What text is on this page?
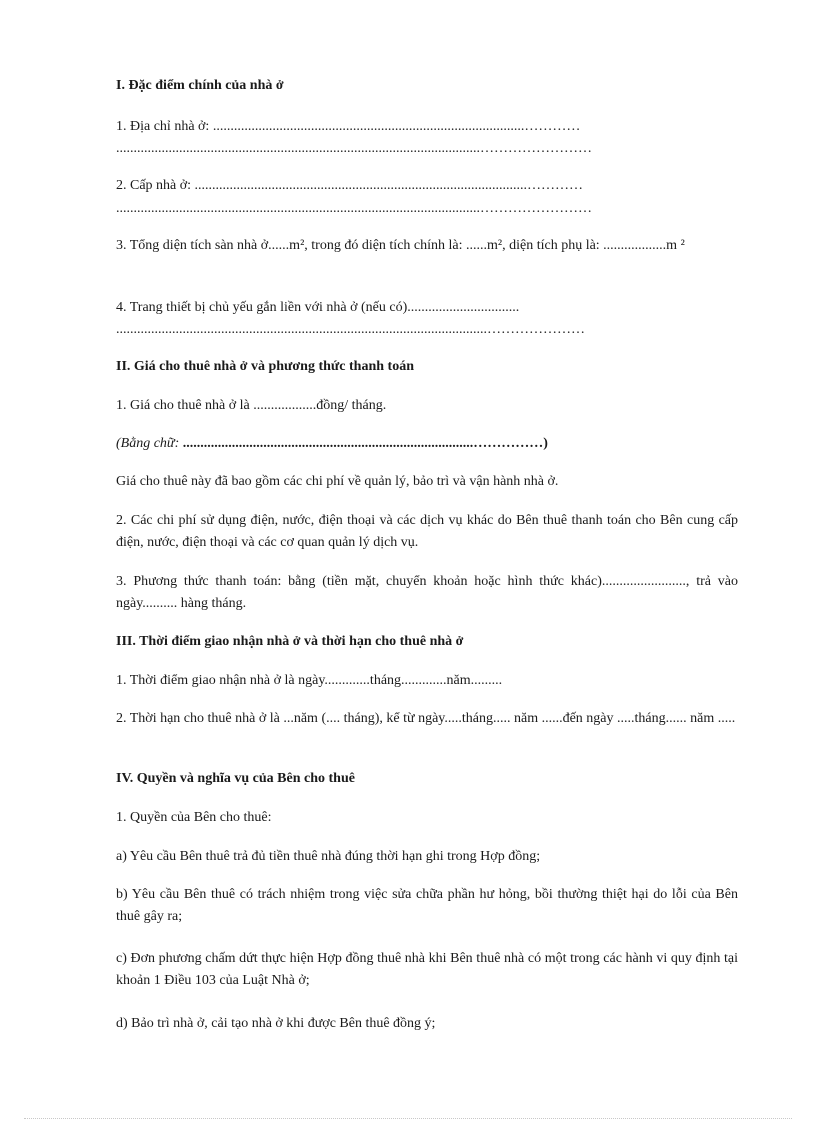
I. Đặc điểm chính của nhà ở

1. Địa chỉ nhà ở: .........................................................................................…………

........................................................................................................……………………

2. Cấp nhà ở: ...............................................................................................…………

........................................................................................................……………………

3. Tổng diện tích sàn nhà ở......m², trong đó diện tích chính là: ......m², diện tích phụ là: ..................m ²

4. Trang thiết bị chủ yếu gắn liền với nhà ở (nếu có)................................

..........................................................................................................…………………

II. Giá cho thuê nhà ở và phương thức thanh toán

1. Giá cho thuê nhà ở là ..................đồng/ tháng.

(Bằng chữ: ...................................................................................……………)

Giá cho thuê này đã bao gồm các chi phí về quản lý, bảo trì và vận hành nhà ở.

2. Các chi phí sử dụng điện, nước, điện thoại và các dịch vụ khác do Bên thuê thanh toán cho Bên cung cấp điện, nước, điện thoại và các cơ quan quản lý dịch vụ.

3. Phương thức thanh toán: bằng (tiền mặt, chuyển khoản hoặc hình thức khác)........................, trả vào ngày.......... hàng tháng.

III. Thời điểm giao nhận nhà ở và thời hạn cho thuê nhà ở

1. Thời điểm giao nhận nhà ở là ngày.............tháng.............năm.........

2. Thời hạn cho thuê nhà ở là ...năm (.... tháng), kể từ ngày.....tháng..... năm ......đến ngày .....tháng...... năm .....

IV. Quyền và nghĩa vụ của Bên cho thuê

1. Quyền của Bên cho thuê:

a) Yêu cầu Bên thuê trả đủ tiền thuê nhà đúng thời hạn ghi trong Hợp đồng;

b) Yêu cầu Bên thuê có trách nhiệm trong việc sửa chữa phần hư hỏng, bồi thường thiệt hại do lỗi của Bên thuê gây ra;

c) Đơn phương chấm dứt thực hiện Hợp đồng thuê nhà khi Bên thuê nhà có một trong các hành vi quy định tại khoản 1 Điều 103 của Luật Nhà ở;

d) Bảo trì nhà ở, cải tạo nhà ở khi được Bên thuê đồng ý;
